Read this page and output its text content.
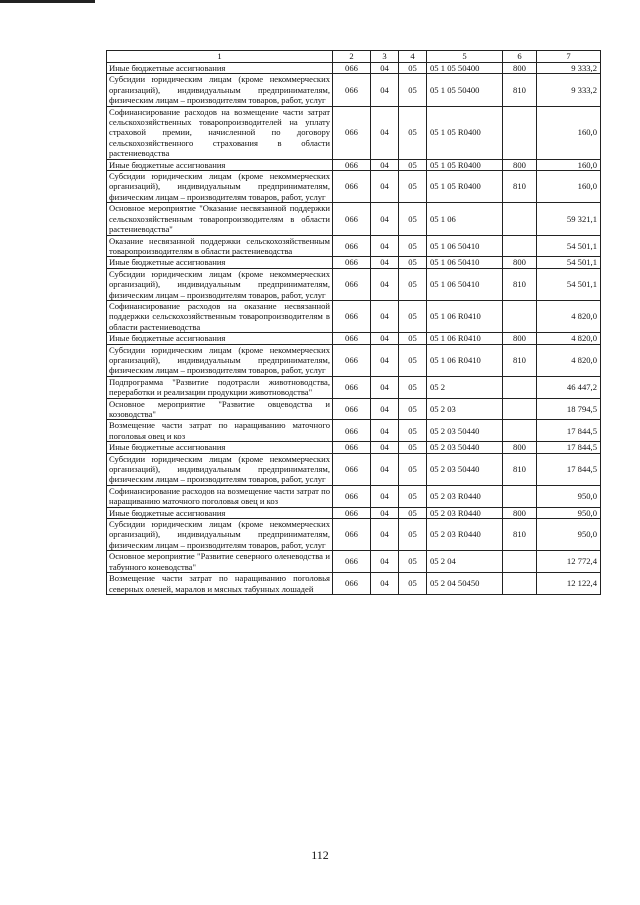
1	2	3	4	5	6	7
Иные бюджетные ассигнования	066	04	05	05 1 05 50400	800	9 333,2
Субсидии юридическим лицам (кроме некоммерческих организаций), индивидуальным предпринимателям, физическим лицам – производителям товаров, работ, услуг	066	04	05	05 1 05 50400	810	9 333,2
Софинансирование расходов на возмещение части затрат сельскохозяйственных товаропроизводителей на уплату страховой премии, начисленной по договору сельскохозяйственного страхования в области растениеводства	066	04	05	05 1 05 R0400		160,0
Иные бюджетные ассигнования	066	04	05	05 1 05 R0400	800	160,0
Субсидии юридическим лицам (кроме некоммерческих организаций), индивидуальным предпринимателям, физическим лицам – производителям товаров, работ, услуг	066	04	05	05 1 05 R0400	810	160,0
Основное мероприятие "Оказание несвязанной поддержки сельскохозяйственным товаропроизводителям в области растениеводства"	066	04	05	05 1 06		59 321,1
Оказание несвязанной поддержки сельскохозяйственным товаропроизводителям в области растениеводства	066	04	05	05 1 06 50410		54 501,1
Иные бюджетные ассигнования	066	04	05	05 1 06 50410	800	54 501,1
Субсидии юридическим лицам (кроме некоммерческих организаций), индивидуальным предпринимателям, физическим лицам – производителям товаров, работ, услуг	066	04	05	05 1 06 50410	810	54 501,1
Софинансирование расходов на оказание несвязанной поддержки сельскохозяйственным товаропроизводителям в области растениеводства	066	04	05	05 1 06 R0410		4 820,0
Иные бюджетные ассигнования	066	04	05	05 1 06 R0410	800	4 820,0
Субсидии юридическим лицам (кроме некоммерческих организаций), индивидуальным предпринимателям, физическим лицам – производителям товаров, работ, услуг	066	04	05	05 1 06 R0410	810	4 820,0
Подпрограмма "Развитие подотрасли животноводства, переработки и реализации продукции животноводства"	066	04	05	05 2		46 447,2
Основное мероприятие "Развитие овцеводства и козоводства"	066	04	05	05 2 03		18 794,5
Возмещение части затрат по наращиванию маточного поголовья овец и коз	066	04	05	05 2 03 50440		17 844,5
Иные бюджетные ассигнования	066	04	05	05 2 03 50440	800	17 844,5
Субсидии юридическим лицам (кроме некоммерческих организаций), индивидуальным предпринимателям, физическим лицам – производителям товаров, работ, услуг	066	04	05	05 2 03 50440	810	17 844,5
Софинансирование расходов на возмещение части затрат по наращиванию маточного поголовья овец и коз	066	04	05	05 2 03 R0440		950,0
Иные бюджетные ассигнования	066	04	05	05 2 03 R0440	800	950,0
Субсидии юридическим лицам (кроме некоммерческих организаций), индивидуальным предпринимателям, физическим лицам – производителям товаров, работ, услуг	066	04	05	05 2 03 R0440	810	950,0
Основное мероприятие "Развитие северного оленеводства и табунного коневодства"	066	04	05	05 2 04		12 772,4
Возмещение части затрат по наращиванию поголовья северных оленей, маралов и мясных табунных лошадей	066	04	05	05 2 04 50450		12 122,4
112
